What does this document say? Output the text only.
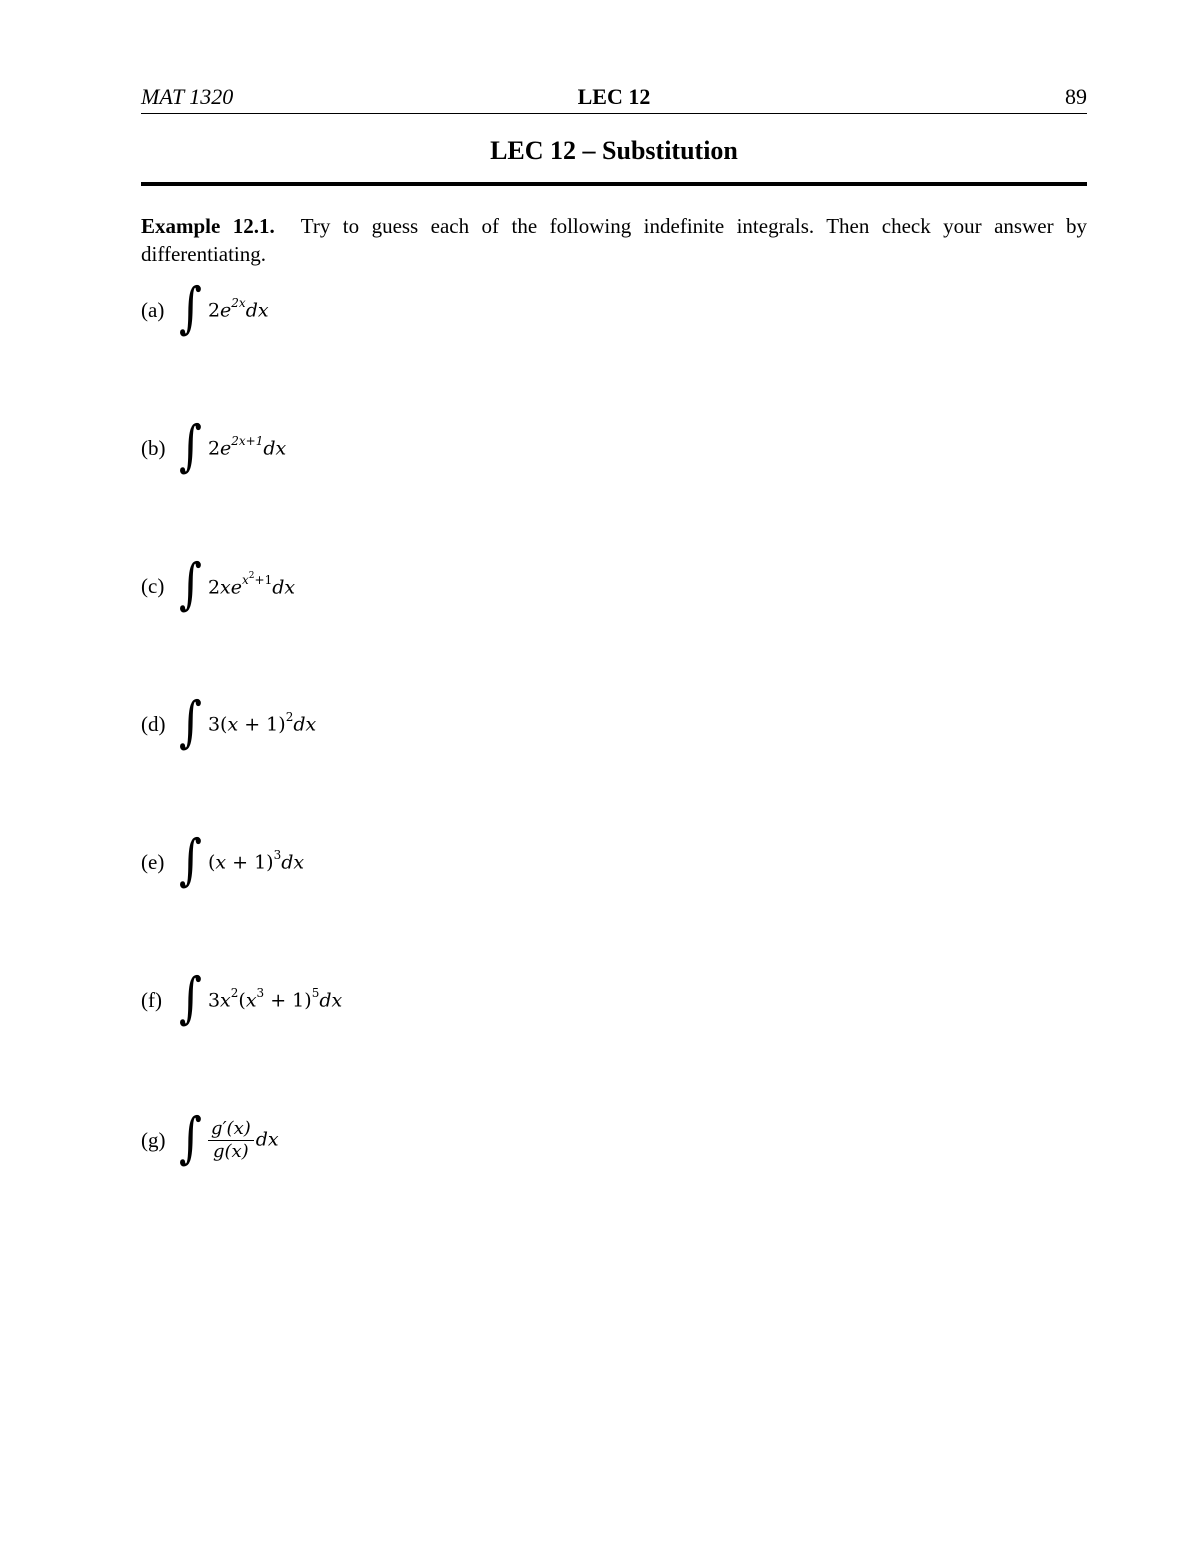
MAT 1320	LEC 12	89
LEC 12 – Substitution
Example 12.1. Try to guess each of the following indefinite integrals. Then check your answer by differentiating.
(a) ∫ $2e^{2x}dx$
(b) ∫ $2e^{2x+1}dx$
(c) ∫ $2xe^{x^2+1}dx$
(d) ∫ $3(x + 1)^2dx$
(e) ∫ $(x + 1)^3dx$
(f) ∫ $3x^2(x^3 + 1)^5dx$
(g) ∫ $\frac{g'(x)}{g(x)}$ dx
